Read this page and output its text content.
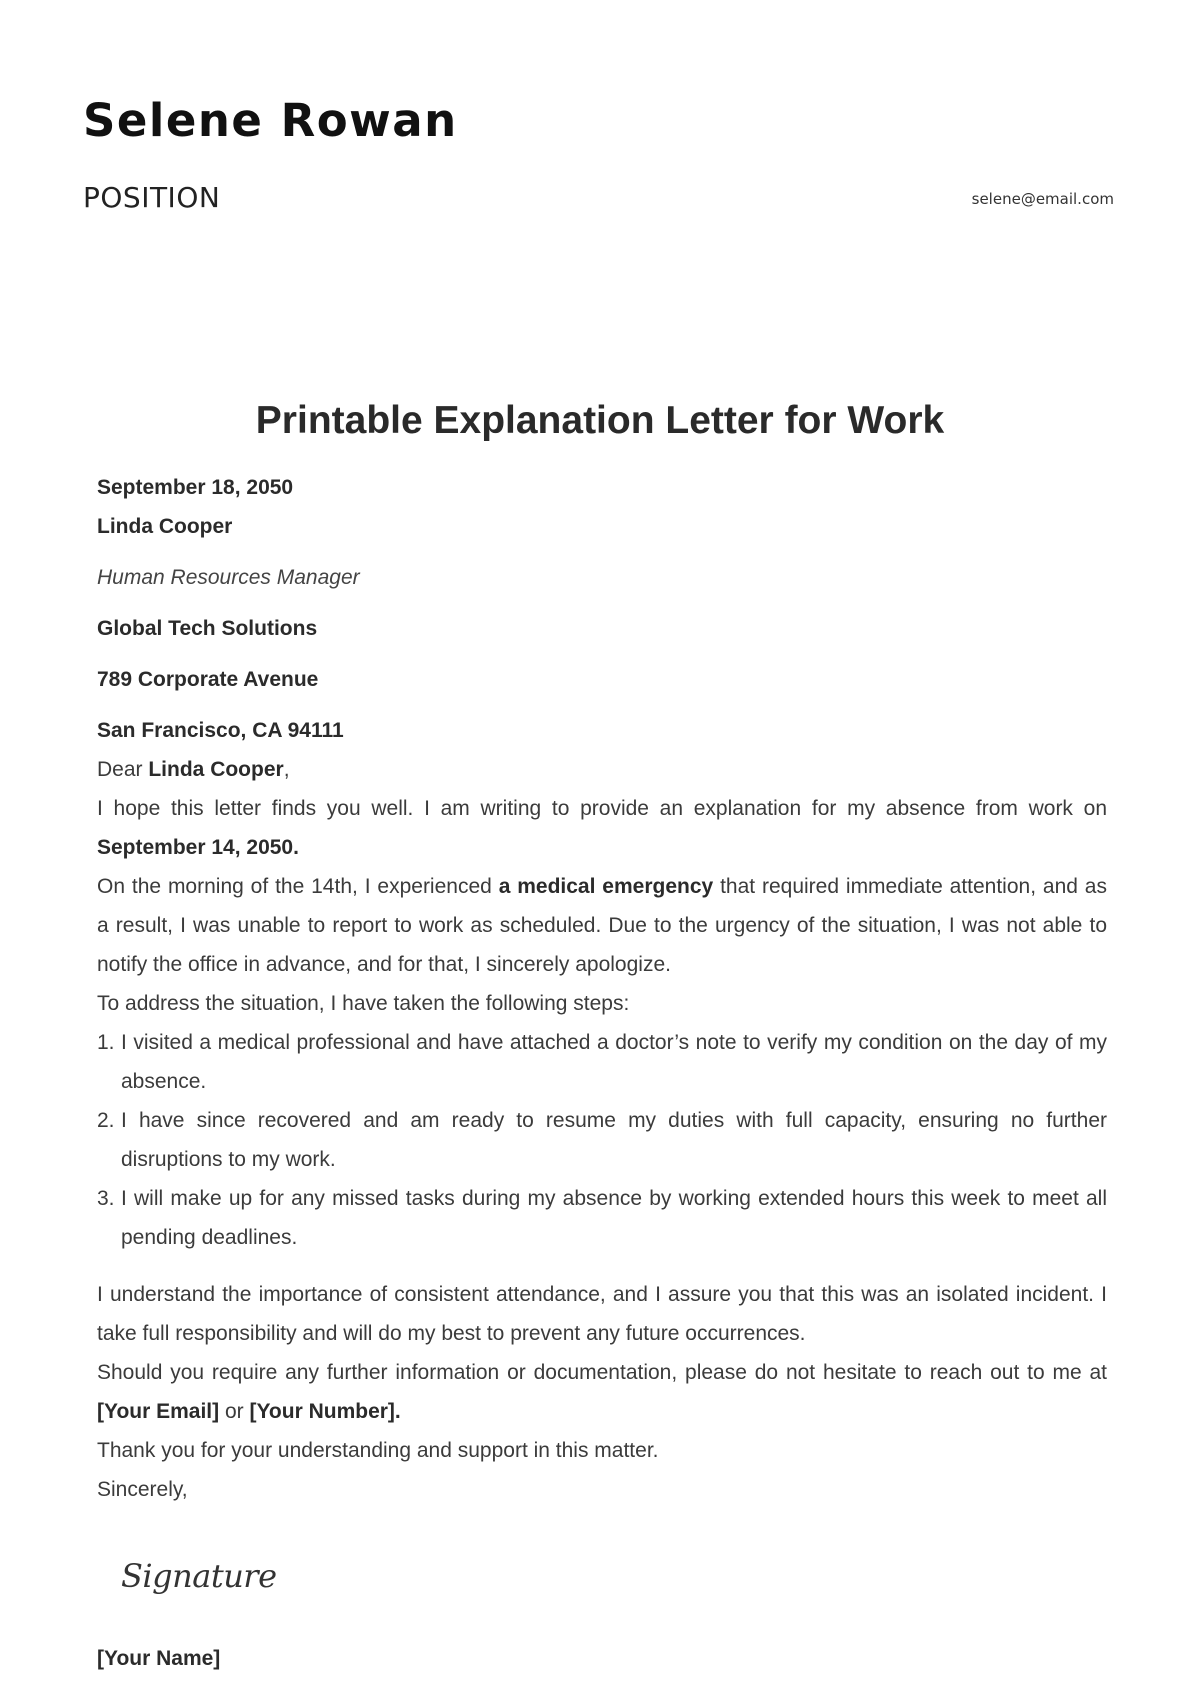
Selene Rowan
POSITION	selene@email.com
Printable Explanation Letter for Work

September 18, 2050

Linda Cooper

Human Resources Manager

Global Tech Solutions

789 Corporate Avenue

San Francisco, CA 94111

Dear Linda Cooper,

I hope this letter finds you well. I am writing to provide an explanation for my absence from work on September 14, 2050.

On the morning of the 14th, I experienced a medical emergency that required immediate attention, and as a result, I was unable to report to work as scheduled. Due to the urgency of the situation, I was not able to notify the office in advance, and for that, I sincerely apologize.

To address the situation, I have taken the following steps:

1. I visited a medical professional and have attached a doctor’s note to verify my condition on the day of my absence.
2. I have since recovered and am ready to resume my duties with full capacity, ensuring no further disruptions to my work.
3. I will make up for any missed tasks during my absence by working extended hours this week to meet all pending deadlines.

I understand the importance of consistent attendance, and I assure you that this was an isolated incident. I take full responsibility and will do my best to prevent any future occurrences.

Should you require any further information or documentation, please do not hesitate to reach out to me at [Your Email] or [Your Number].

Thank you for your understanding and support in this matter.

Sincerely,

Signature

[Your Name]
